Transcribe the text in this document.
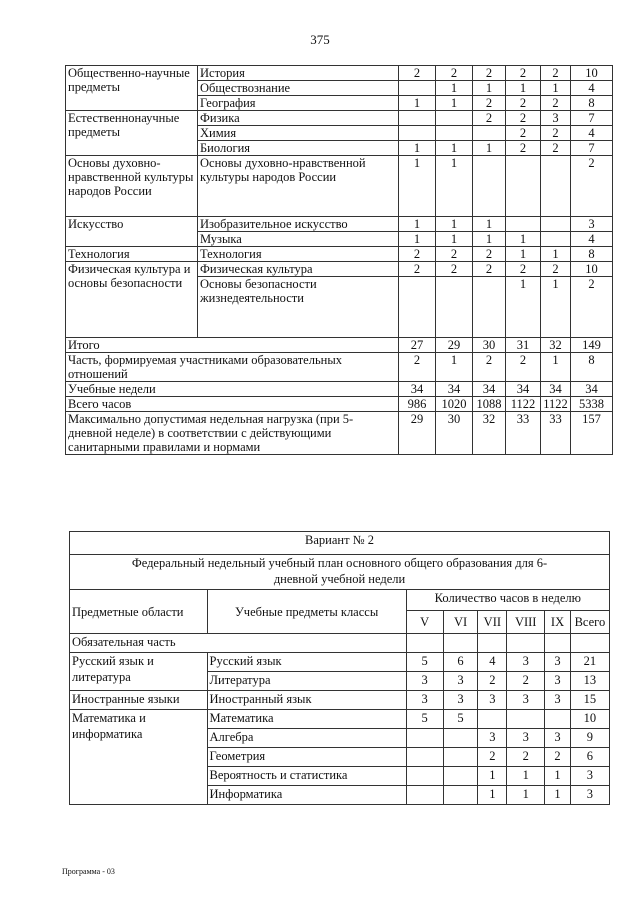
375
Общественно-научные предметы	История	2	2	2	2	2	10
	Обществознание		1	1	1	1	4
	География	1	1	2	2	2	8
Естественнонаучные предметы	Физика			2	2	3	7
	Химия				2	2	4
	Биология	1	1	1	2	2	7
Основы духовно-нравственной культуры народов России	Основы духовно-нравственной культуры народов России	1	1				2
Искусство	Изобразительное искусство	1	1	1			3
	Музыка	1	1	1	1		4
Технология	Технология	2	2	2	1	1	8
Физическая культура и основы безопасности	Физическая культура	2	2	2	2	2	10
	Основы безопасности жизнедеятельности				1	1	2
Итого		27	29	30	31	32	149
Часть, формируемая участниками образовательных отношений		2	1	2	2	1	8
Учебные недели		34	34	34	34	34	34
Всего часов		986	1020	1088	1122	1122	5338
Максимально допустимая недельная нагрузка (при 5-дневной неделе) в соответствии с действующими санитарными правилами и нормами		29	30	32	33	33	157
Вариант № 2							
Федеральный недельный учебный план основного общего образования для 6-дневной учебной недели							
Предметные области	Учебные предметы классы	Количество часов в неделю					
		V	VI	VII	VIII	IX	Всего
Обязательная часть							
Русский язык и литература	Русский язык	5	6	4	3	3	21
	Литература	3	3	2	2	3	13
Иностранные языки	Иностранный язык	3	3	3	3	3	15
Математика и информатика	Математика	5	5				10
	Алгебра			3	3	3	9
	Геометрия			2	2	2	6
	Вероятность и статистика			1	1	1	3
	Информатика			1	1	1	3
Программа - 03
